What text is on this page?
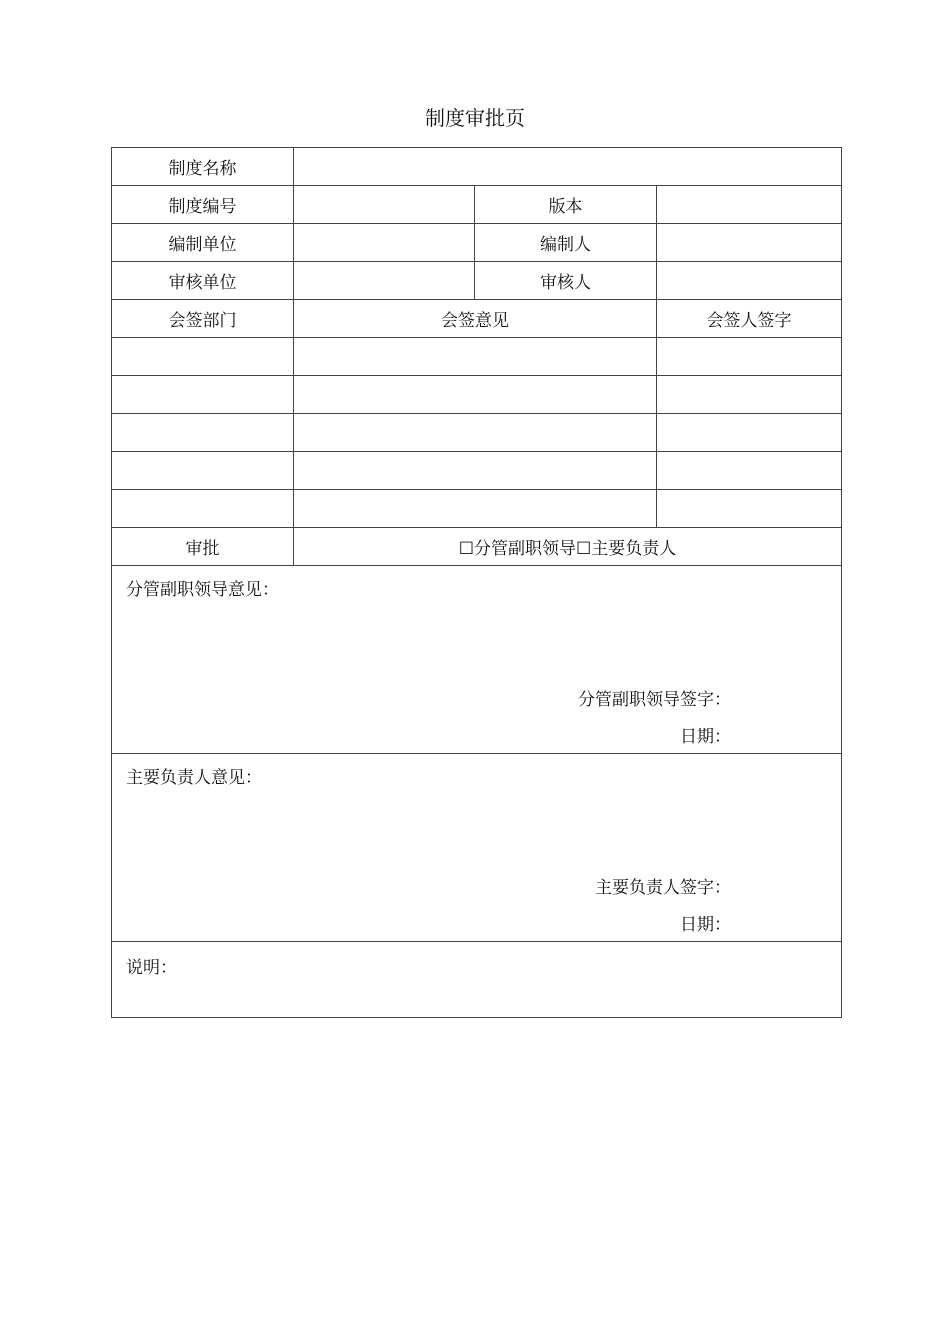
制度审批页
制度名称			
制度编号		版本	
编制单位		编制人	
审核单位		审核人	
会签部门	会签意见		会签人签字

审批	☐分管副职领导☐主要负责人		

分管副职领导意见：
分管副职领导签字：
日期：			

主要负责人意见：
主要负责人签字：
日期：			

说明：			
